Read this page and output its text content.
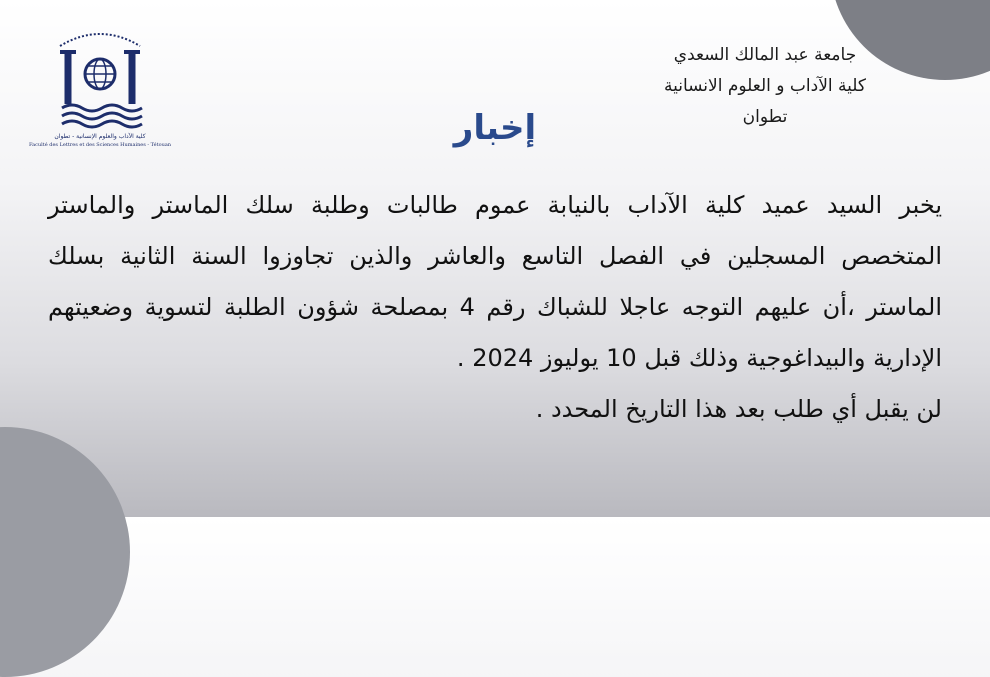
كلية الآداب والعلوم الإنسانية - تطوان
Faculté des Lettres et des Sciences Humaines - Tétouan
جامعة عبد المالك السعدي
كلية الآداب و العلوم الانسانية
تطوان
إخبار

يخبر السيد عميد كلية الآداب بالنيابة عموم طالبات وطلبة سلك الماستر والماستر المتخصص المسجلين في الفصل التاسع والعاشر والذين تجاوزوا السنة الثانية بسلك الماستر ،أن عليهم التوجه عاجلا للشباك رقم 4 بمصلحة شؤون الطلبة لتسوية وضعيتهم الإدارية والبيداغوجية وذلك قبل 10 يوليوز 2024 .

لن يقبل أي طلب بعد هذا التاريخ المحدد .
